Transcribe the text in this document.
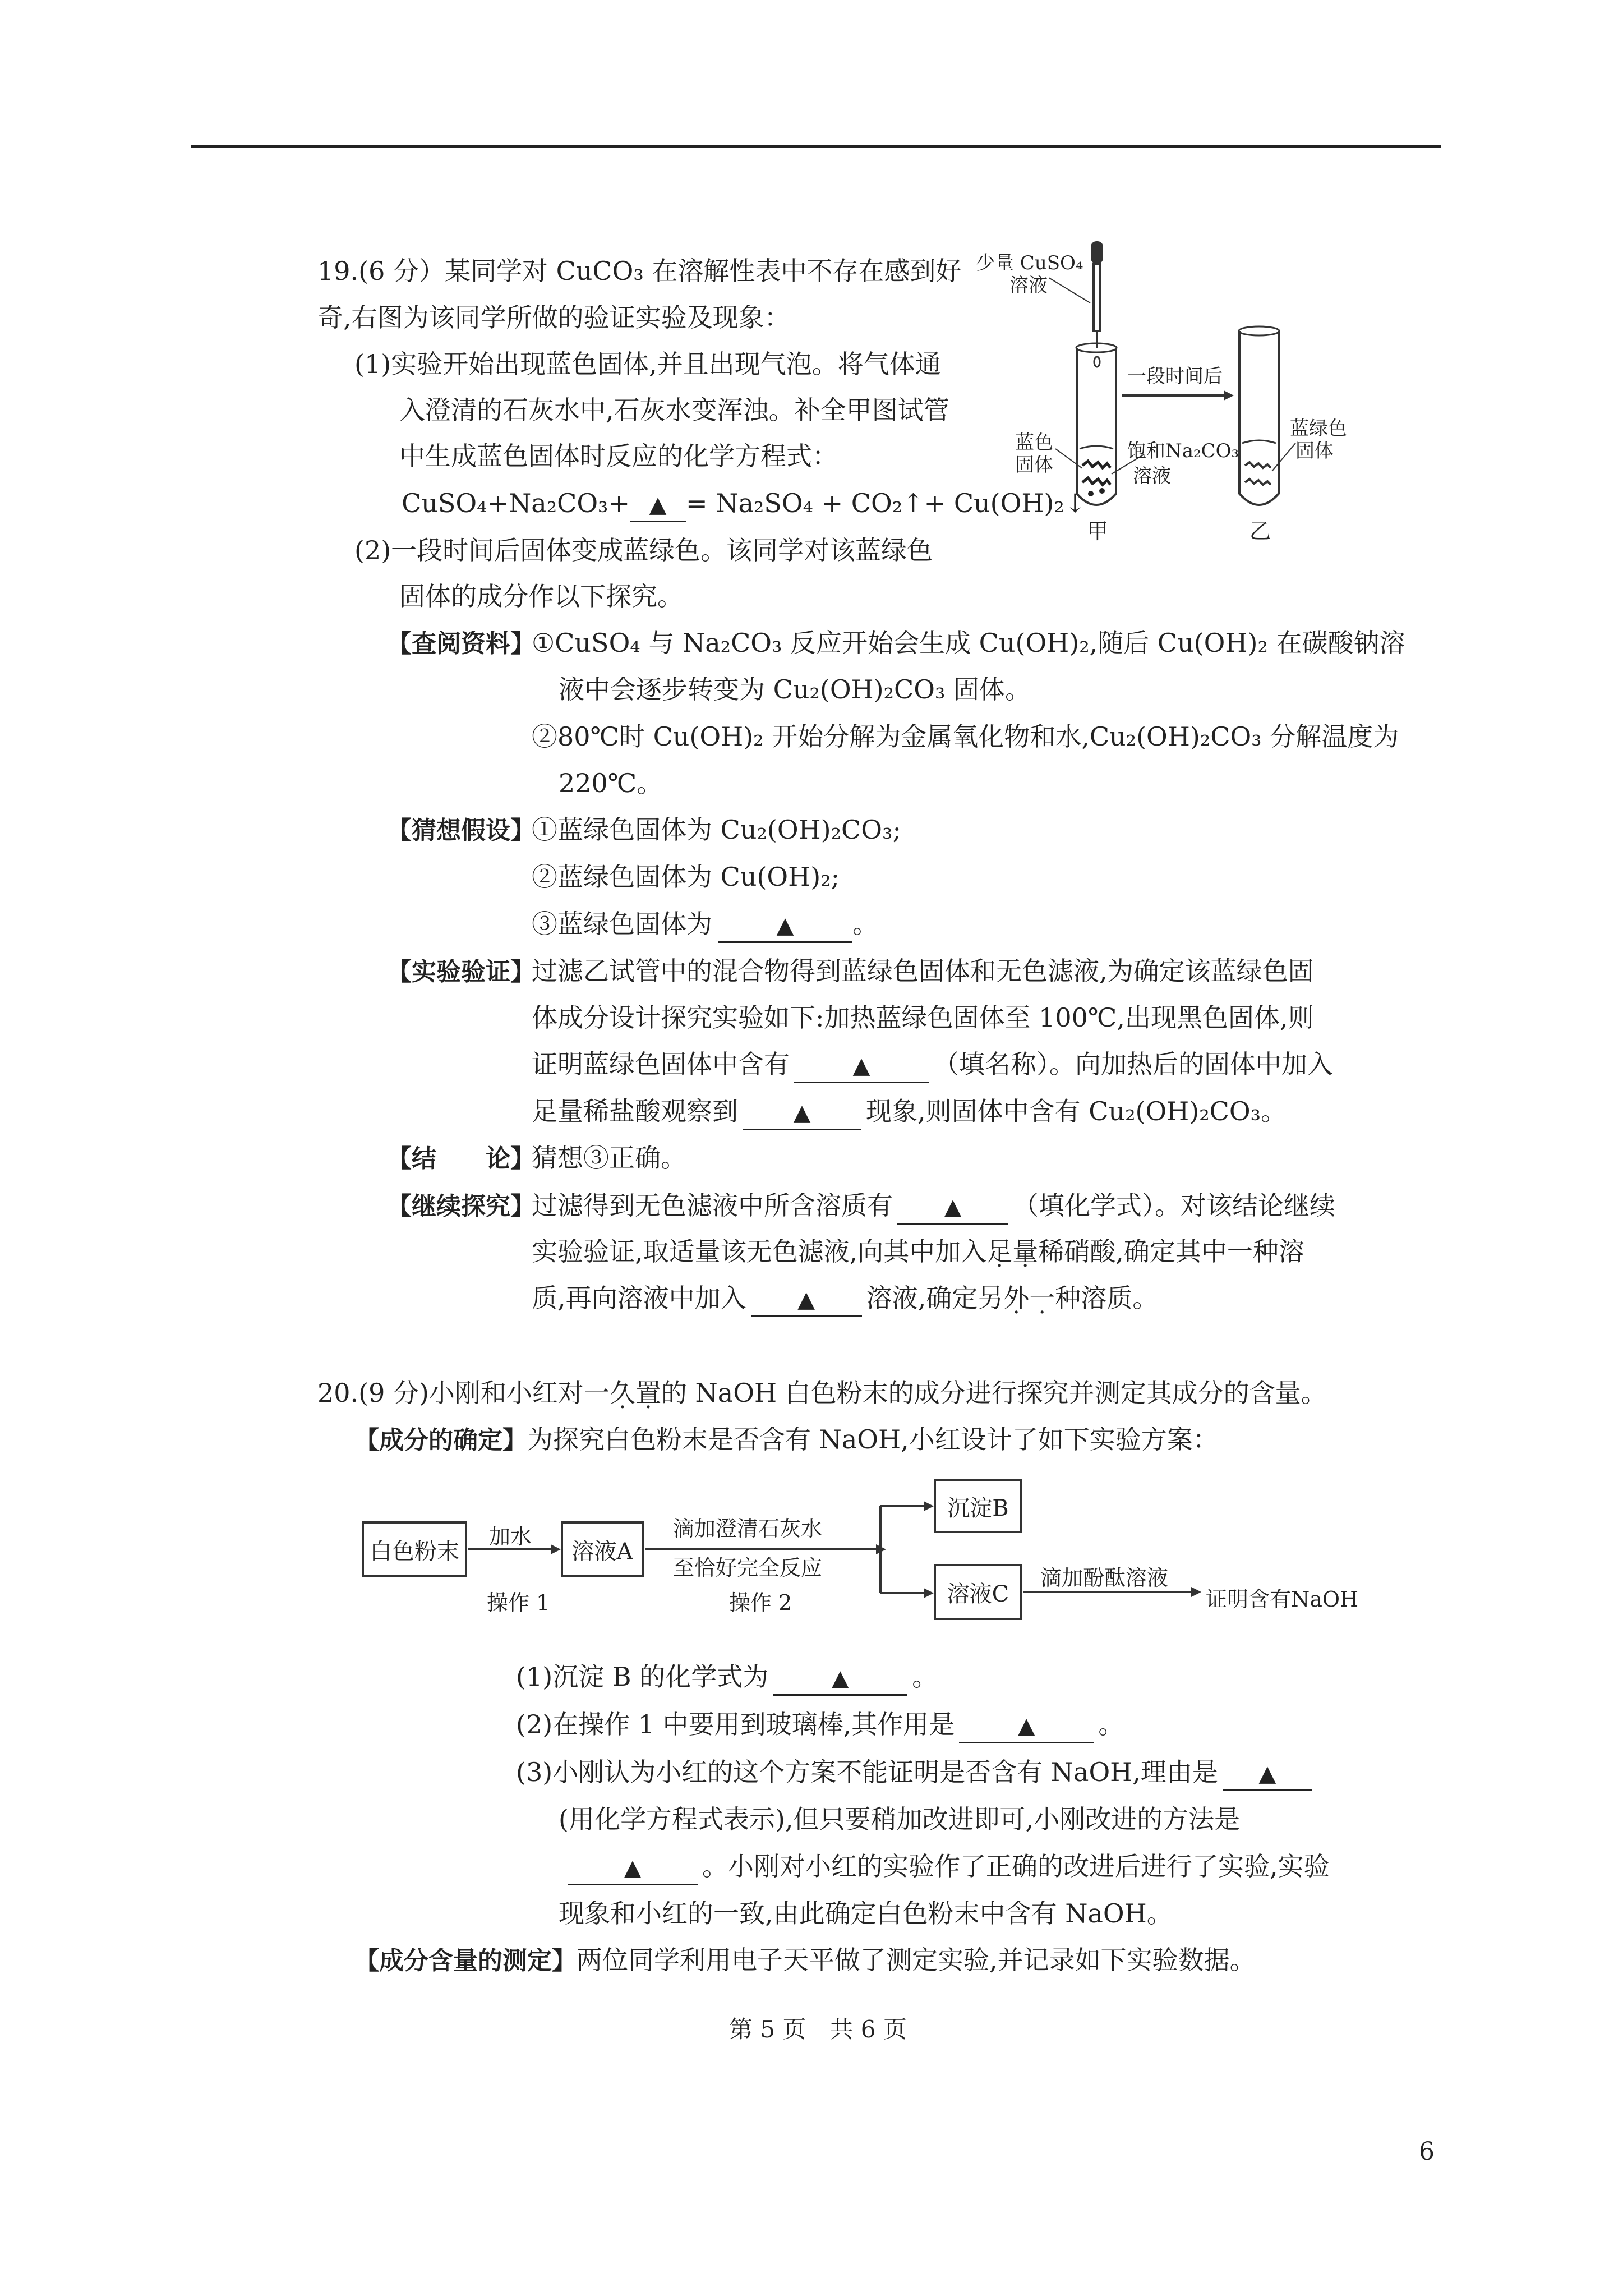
19.(6 分）某同学对 CuCO₃ 在溶解性表中不存在感到好
奇,右图为该同学所做的验证实验及现象：
(1)实验开始出现蓝色固体,并且出现气泡。将气体通
入澄清的石灰水中,石灰水变浑浊。补全甲图试管
中生成蓝色固体时反应的化学方程式：
CuSO₄+Na₂CO₃+ ▲ = Na₂SO₄ + CO₂↑+ Cu(OH)₂↓
(2)一段时间后固体变成蓝绿色。该同学对该蓝绿色
固体的成分作以下探究。
【查阅资料】
①CuSO₄ 与 Na₂CO₃ 反应开始会生成 Cu(OH)₂,随后 Cu(OH)₂ 在碳酸钠溶
液中会逐步转变为 Cu₂(OH)₂CO₃ 固体。
②80℃时 Cu(OH)₂ 开始分解为金属氧化物和水,Cu₂(OH)₂CO₃ 分解温度为
220℃。
【猜想假设】
①蓝绿色固体为 Cu₂(OH)₂CO₃;
②蓝绿色固体为 Cu(OH)₂;
③蓝绿色固体为	▲ 。
【实验验证】
过滤乙试管中的混合物得到蓝绿色固体和无色滤液,为确定该蓝绿色固
体成分设计探究实验如下:加热蓝绿色固体至 100℃,出现黑色固体,则
证明蓝绿色固体中含有	▲ （填名称）。向加热后的固体中加入
足量稀盐酸观察到 ▲ 现象,则固体中含有 Cu₂(OH)₂CO₃。
【结　　论】
猜想③正确。
【继续探究】
过滤得到无色滤液中所含溶质有 ▲ （填化学式）。对该结论继续
实验验证,取适量该无色滤液,向其中加入足量稀硝酸,确定其中一种溶
质,再向溶液中加入 ▲ 溶液,确定另外一种溶质。
少量 CuSO₄
溶液
一段时间后
蓝色
固体
饱和Na₂CO₃
溶液
蓝绿色
固体
甲	乙
20.(9 分)小刚和小红对一久置的 NaOH 白色粉末的成分进行探究并测定其成分的含量。
【成分的确定】为探究白色粉末是否含有 NaOH,小红设计了如下实验方案：
白色粉末	溶液A
沉淀B
溶液C
加水
操作 1
滴加澄清石灰水
至恰好完全反应
操作 2
滴加酚酞溶液
证明含有NaOH
(1)沉淀 B 的化学式为	▲ 。
(2)在操作 1 中要用到玻璃棒,其作用是	▲ 。
(3)小刚认为小红的这个方案不能证明是否含有 NaOH,理由是 ▲
(用化学方程式表示),但只要稍加改进即可,小刚改进的方法是
▲ 。小刚对小红的实验作了正确的改进后进行了实验,实验
现象和小红的一致,由此确定白色粉末中含有 NaOH。
【成分含量的测定】两位同学利用电子天平做了测定实验,并记录如下实验数据。
第 5 页　共 6 页
6
